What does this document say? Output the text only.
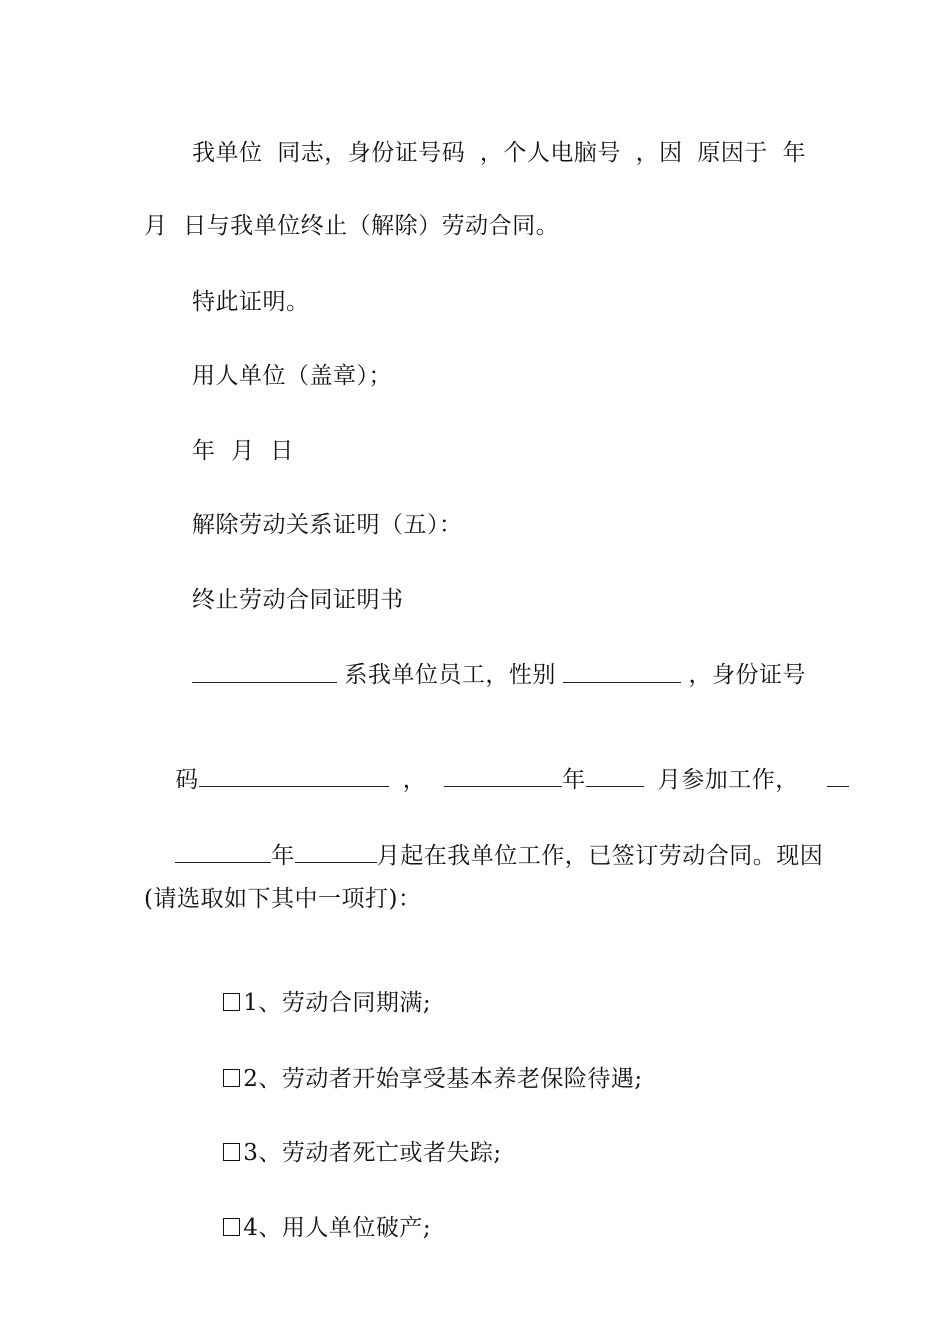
我单位 同志，身份证号码 ，个人电脑号 ，因 原因于 年
月  日与我单位终止（解除）劳动合同。
特此证明。
用人单位（盖章）；
年  月  日
解除劳动关系证明（五）：
终止劳动合同证明书
系我单位员工，性别	，身份证号

码	，	年	月参加工作，

年	月起在我单位工作，已签订劳动合同。现因

(请选取如下其中一项打)：

1、劳动合同期满;

2、劳动者开始享受基本养老保险待遇;

3、劳动者死亡或者失踪;

4、用人单位破产;
